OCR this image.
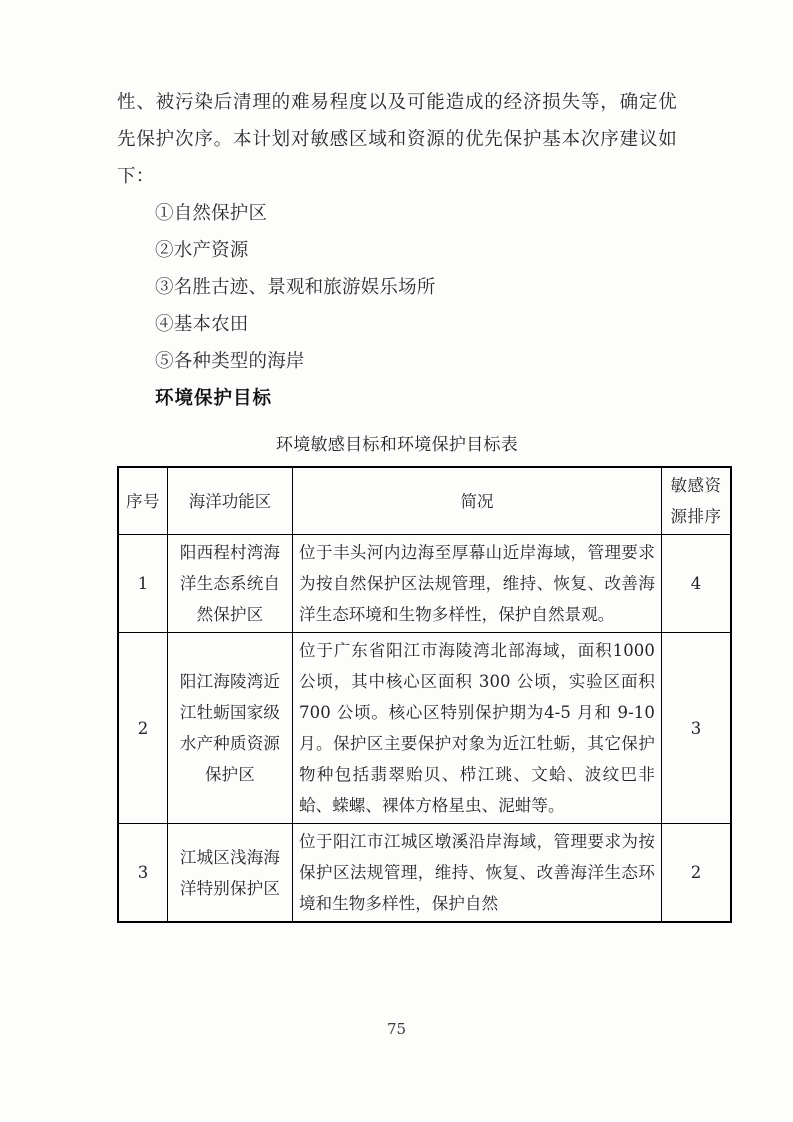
性、被污染后清理的难易程度以及可能造成的经济损失等，确定优先保护次序。本计划对敏感区域和资源的优先保护基本次序建议如下：

①自然保护区

②水产资源

③名胜古迹、景观和旅游娱乐场所

④基本农田

⑤各种类型的海岸

环境保护目标

环境敏感目标和环境保护目标表
序号	海洋功能区	简况	敏感资源排序
1	阳西程村湾海洋生态系统自然保护区	位于丰头河内边海至厚幕山近岸海域，管理要求为按自然保护区法规管理，维持、恢复、改善海洋生态环境和生物多样性，保护自然景观。	4
2	阳江海陵湾近江牡蛎国家级水产种质资源保护区	位于广东省阳江市海陵湾北部海域，面积1000 公顷，其中核心区面积 300 公顷，实验区面积 700 公顷。核心区特别保护期为4-5 月和 9-10 月。保护区主要保护对象为近江牡蛎，其它保护物种包括翡翠贻贝、栉江珧、文蛤、波纹巴非蛤、蝾螺、裸体方格星虫、泥蚶等。	3
3	江城区浅海海洋特别保护区	位于阳江市江城区墩溪沿岸海域，管理要求为按保护区法规管理，维持、恢复、改善海洋生态环境和生物多样性，保护自然	2
75
